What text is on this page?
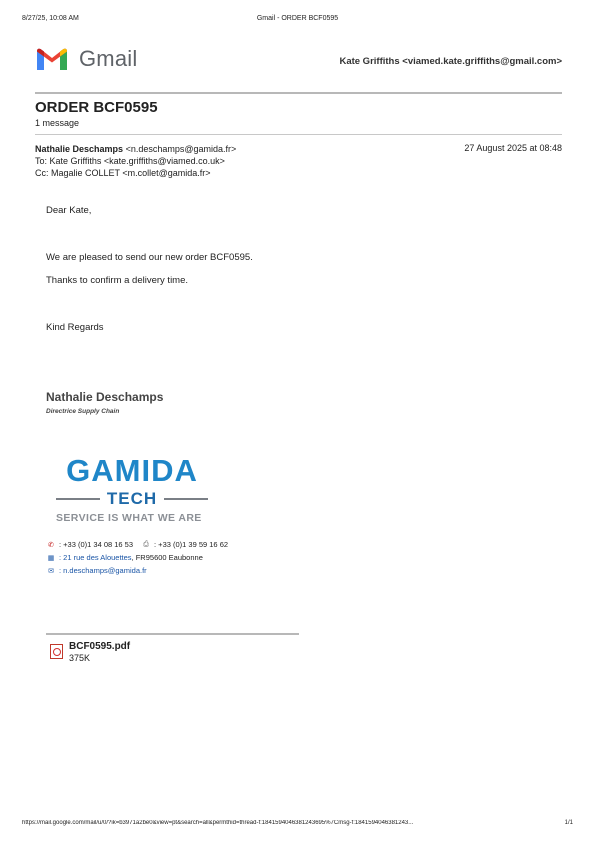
8/27/25, 10:08 AM	Gmail - ORDER BCF0595
Gmail	Kate Griffiths <viamed.kate.griffiths@gmail.com>
ORDER BCF0595
1 message
Nathalie Deschamps <n.deschamps@gamida.fr>
To: Kate Griffiths <kate.griffiths@viamed.co.uk>
Cc: Magalie COLLET <m.collet@gamida.fr>
27 August 2025 at 08:48
Dear Kate,
We are pleased to send our new order BCF0595.
Thanks to confirm a delivery time.
Kind Regards
Nathalie Deschamps
Directrice Supply Chain
GAMIDA
TECH
SERVICE IS WHAT WE ARE
✆ : +33 (0)1 34 08 16 53	⎙ : +33 (0)1 39 59 16 62
▦ : 21 rue des Alouettes , FR95600 Eaubonne
✉ : n.deschamps@gamida.fr
BCF0595.pdf
375K
https://mail.google.com/mail/u/0/?ik=b3971a2be0&view=pt&search=all&permthid=thread-f:1841594046381243695%7Cmsg-f:1841594046381243...	1/1
